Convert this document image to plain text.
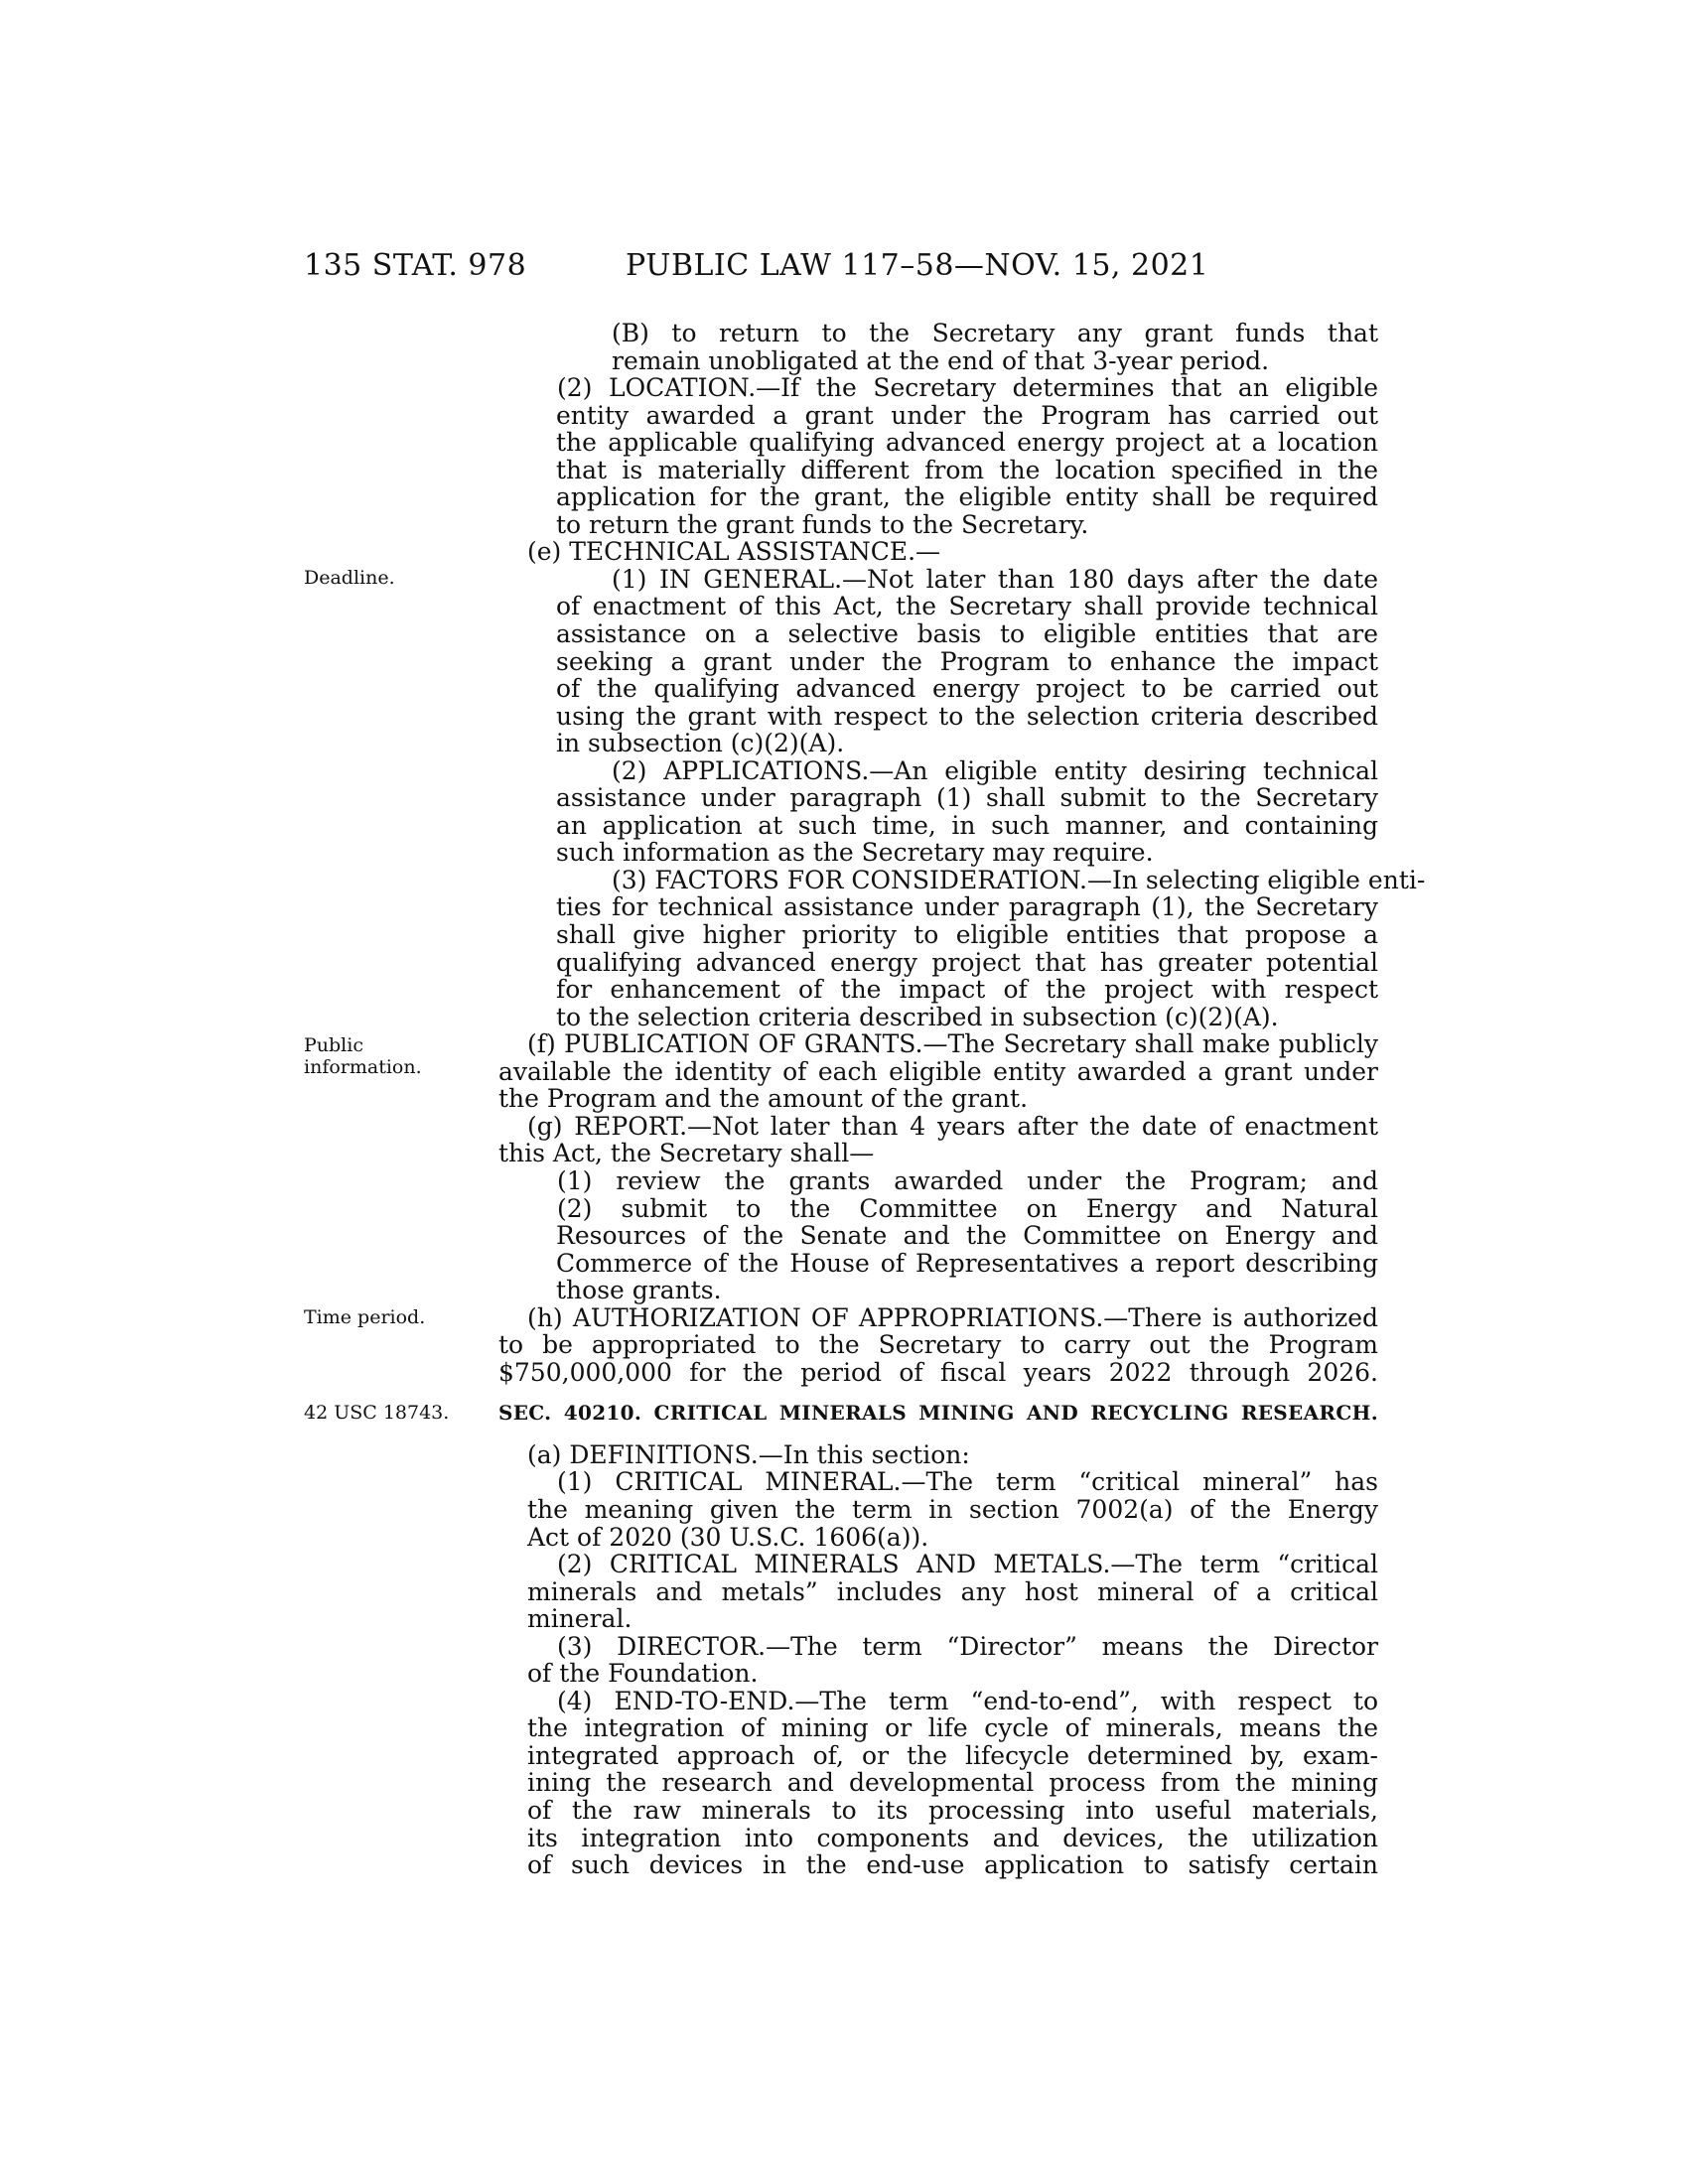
135 STAT. 978	PUBLIC LAW 117–58—NOV. 15, 2021
Deadline.
Public
information.
Time period.
42 USC 18743.
(B) to return to the Secretary any grant funds that
remain unobligated at the end of that 3-year period.
(2) LOCATION.—If the Secretary determines that an eligible
entity awarded a grant under the Program has carried out
the applicable qualifying advanced energy project at a location
that is materially different from the location specified in the
application for the grant, the eligible entity shall be required
to return the grant funds to the Secretary.
(e) TECHNICAL ASSISTANCE.—
(1) IN GENERAL.—Not later than 180 days after the date
of enactment of this Act, the Secretary shall provide technical
assistance on a selective basis to eligible entities that are
seeking a grant under the Program to enhance the impact
of the qualifying advanced energy project to be carried out
using the grant with respect to the selection criteria described
in subsection (c)(2)(A).
(2) APPLICATIONS.—An eligible entity desiring technical
assistance under paragraph (1) shall submit to the Secretary
an application at such time, in such manner, and containing
such information as the Secretary may require.
(3) FACTORS FOR CONSIDERATION.—In selecting eligible enti-
ties for technical assistance under paragraph (1), the Secretary
shall give higher priority to eligible entities that propose a
qualifying advanced energy project that has greater potential
for enhancement of the impact of the project with respect
to the selection criteria described in subsection (c)(2)(A).
(f) PUBLICATION OF GRANTS.—The Secretary shall make publicly
available the identity of each eligible entity awarded a grant under
the Program and the amount of the grant.
(g) REPORT.—Not later than 4 years after the date of enactment
this Act, the Secretary shall—
(1) review the grants awarded under the Program; and
(2) submit to the Committee on Energy and Natural
Resources of the Senate and the Committee on Energy and
Commerce of the House of Representatives a report describing
those grants.
(h) AUTHORIZATION OF APPROPRIATIONS.—There is authorized
to be appropriated to the Secretary to carry out the Program
$750,000,000 for the period of fiscal years 2022 through 2026.
SEC. 40210. CRITICAL MINERALS MINING AND RECYCLING RESEARCH.
(a) DEFINITIONS.—In this section:
(1) CRITICAL MINERAL.—The term “critical mineral” has
the meaning given the term in section 7002(a) of the Energy
Act of 2020 (30 U.S.C. 1606(a)).
(2) CRITICAL MINERALS AND METALS.—The term “critical
minerals and metals” includes any host mineral of a critical
mineral.
(3) DIRECTOR.—The term “Director” means the Director
of the Foundation.
(4) END-TO-END.—The term “end-to-end”, with respect to
the integration of mining or life cycle of minerals, means the
integrated approach of, or the lifecycle determined by, exam-
ining the research and developmental process from the mining
of the raw minerals to its processing into useful materials,
its integration into components and devices, the utilization
of such devices in the end-use application to satisfy certain
